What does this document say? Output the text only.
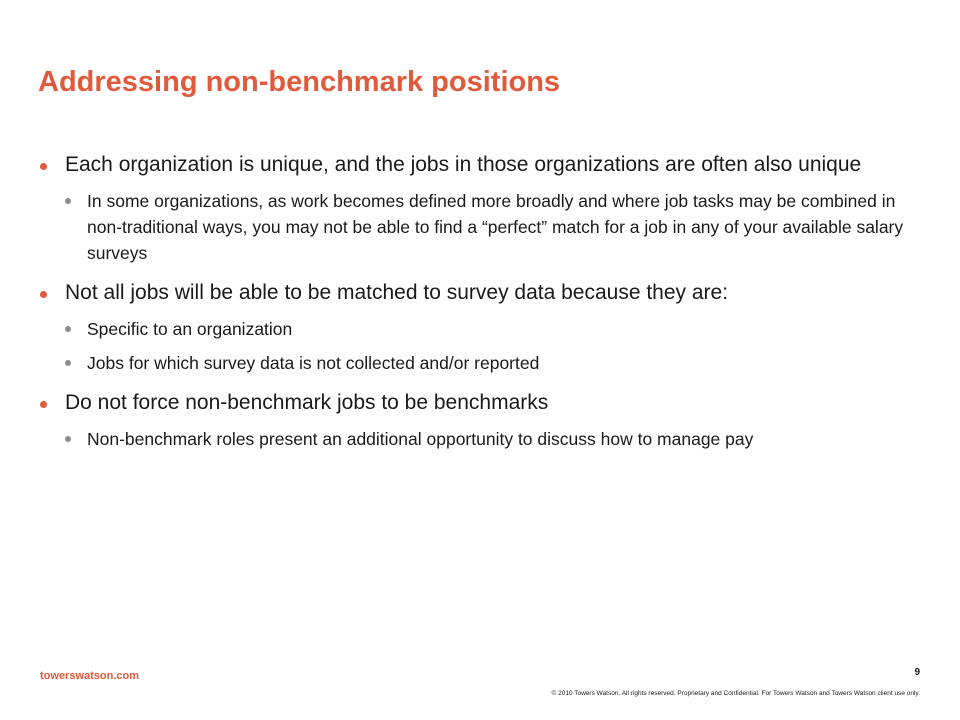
Addressing non-benchmark positions
Each organization is unique, and the jobs in those organizations are often also unique
In some organizations, as work becomes defined more broadly and where job tasks may be combined in non-traditional ways, you may not be able to find a “perfect” match for a job in any of your available salary surveys
Not all jobs will be able to be matched to survey data because they are:
Specific to an organization
Jobs for which survey data is not collected and/or reported
Do not force non-benchmark jobs to be benchmarks
Non-benchmark roles present an additional opportunity to discuss how to manage pay
towerswatson.com	9
© 2010 Towers Watson. All rights reserved. Proprietary and Confidential. For Towers Watson and Towers Watson client use only.
